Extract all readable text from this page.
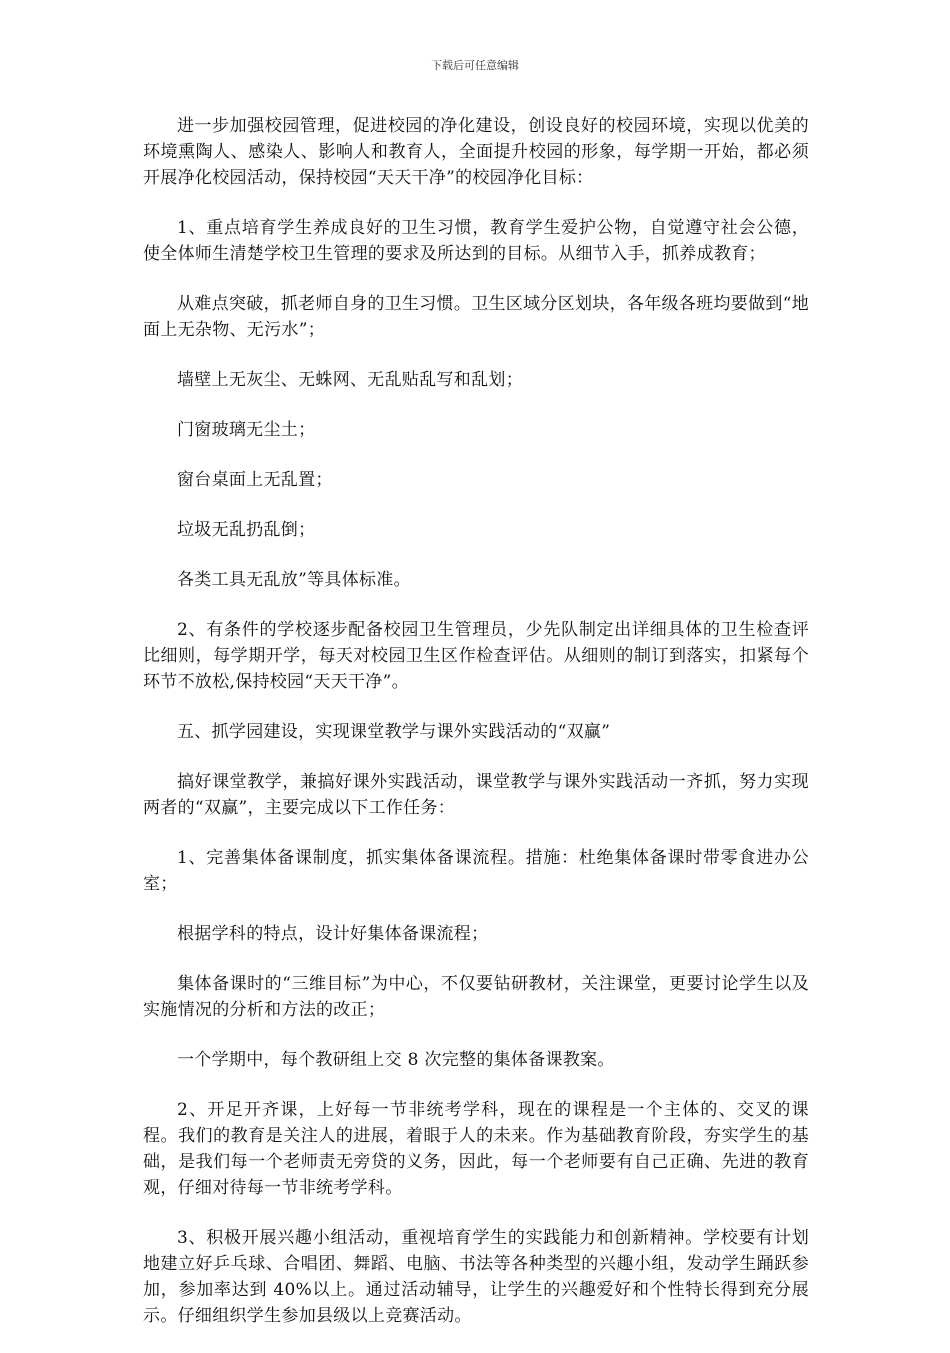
下载后可任意编辑

进一步加强校园管理，促进校园的净化建设，创设良好的校园环境，实现以优美的环境熏陶人、感染人、影响人和教育人，全面提升校园的形象，每学期一开始，都必须开展净化校园活动，保持校园“天天干净”的校园净化目标：

1、重点培育学生养成良好的卫生习惯，教育学生爱护公物，自觉遵守社会公德，使全体师生清楚学校卫生管理的要求及所达到的目标。从细节入手，抓养成教育；

从难点突破，抓老师自身的卫生习惯。卫生区域分区划块，各年级各班均要做到“地面上无杂物、无污水”；

墙壁上无灰尘、无蛛网、无乱贴乱写和乱划；

门窗玻璃无尘土；

窗台桌面上无乱置；

垃圾无乱扔乱倒；

各类工具无乱放”等具体标准。

2、有条件的学校逐步配备校园卫生管理员，少先队制定出详细具体的卫生检查评比细则，每学期开学，每天对校园卫生区作检查评估。从细则的制订到落实，扣紧每个环节不放松,保持校园“天天干净”。

五、抓学园建设，实现课堂教学与课外实践活动的“双赢”

搞好课堂教学，兼搞好课外实践活动，课堂教学与课外实践活动一齐抓，努力实现两者的“双赢”，主要完成以下工作任务：

1、完善集体备课制度，抓实集体备课流程。措施：杜绝集体备课时带零食进办公室；

根据学科的特点，设计好集体备课流程；

集体备课时的“三维目标”为中心，不仅要钻研教材，关注课堂，更要讨论学生以及实施情况的分析和方法的改正；

一个学期中，每个教研组上交 8 次完整的集体备课教案。

2、开足开齐课，上好每一节非统考学科，现在的课程是一个主体的、交叉的课程。我们的教育是关注人的进展，着眼于人的未来。作为基础教育阶段，夯实学生的基础，是我们每一个老师责无旁贷的义务，因此，每一个老师要有自己正确、先进的教育观，仔细对待每一节非统考学科。

3、积极开展兴趣小组活动，重视培育学生的实践能力和创新精神。学校要有计划地建立好乒乓球、合唱团、舞蹈、电脑、书法等各种类型的兴趣小组，发动学生踊跃参加，参加率达到 40%以上。通过活动辅导，让学生的兴趣爱好和个性特长得到充分展示。仔细组织学生参加县级以上竞赛活动。
